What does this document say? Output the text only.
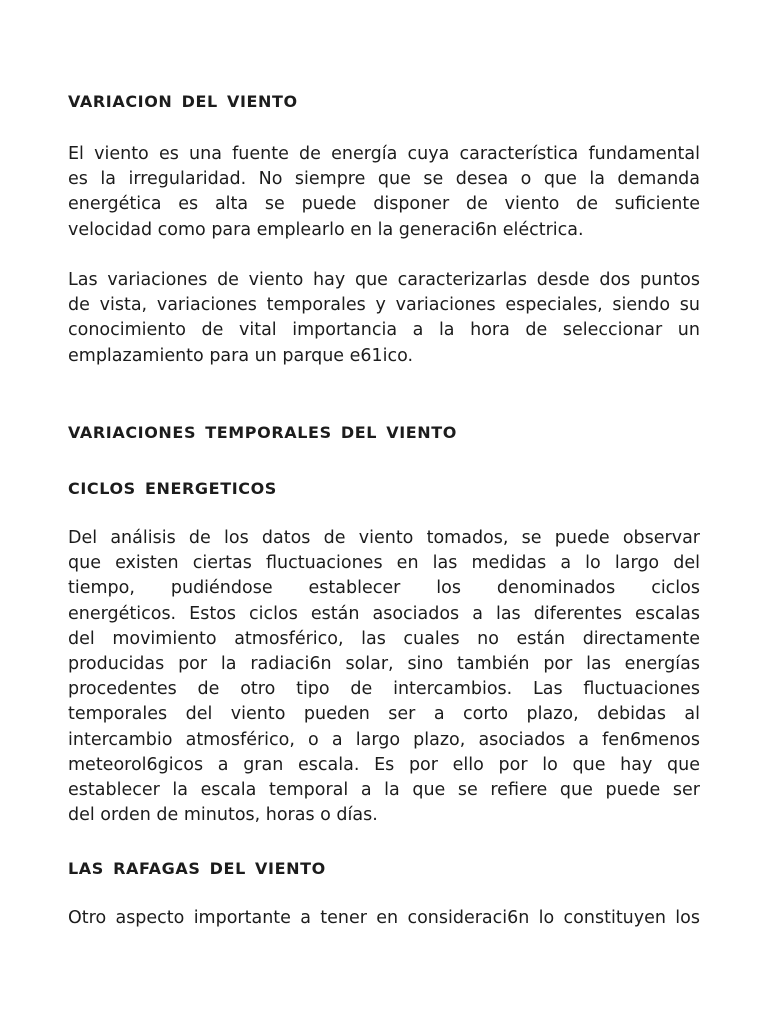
VARIACION DEL VIENTO

El viento es una fuente de energía cuya característica fundamental
es la irregularidad. No siempre que se desea o que la demanda
energética es alta se puede disponer de viento de suficiente
velocidad como para emplearlo en la generaci6n eléctrica.

Las variaciones de viento hay que caracterizarlas desde dos puntos
de vista, variaciones temporales y variaciones especiales, siendo su
conocimiento de vital importancia a la hora de seleccionar un
emplazamiento para un parque e61ico.

VARIACIONES TEMPORALES DEL VIENTO
CICLOS ENERGETICOS

Del análisis de los datos de viento tomados, se puede observar
que existen ciertas fluctuaciones en las medidas a lo largo del
tiempo, pudiéndose establecer los denominados ciclos
energéticos. Estos ciclos están asociados a las diferentes escalas
del movimiento atmosférico, las cuales no están directamente
producidas por la radiaci6n solar, sino también por las energías
procedentes de otro tipo de intercambios. Las fluctuaciones
temporales del viento pueden ser a corto plazo, debidas al
intercambio atmosférico, o a largo plazo, asociados a fen6menos
meteorol6gicos a gran escala. Es por ello por lo que hay que
establecer la escala temporal a la que se refiere que puede ser
del orden de minutos, horas o días.

LAS RAFAGAS DEL VIENTO

Otro aspecto importante a tener en consideraci6n lo constituyen los
